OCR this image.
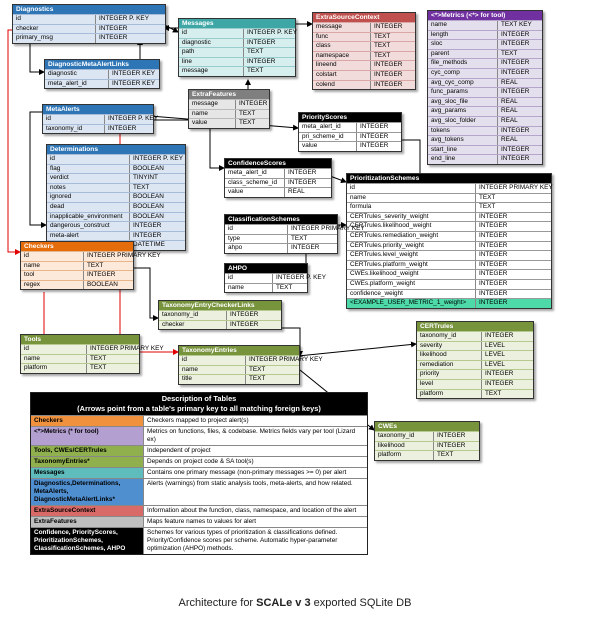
Diagnostics
id	INTEGER P. KEY
checker	INTEGER
primary_msg	INTEGER
Messages
id	INTEGER P. KEY
diagnostic	INTEGER
path	TEXT
line	INTEGER
message	TEXT
ExtraSourceContext
message	INTEGER
func	TEXT
class	TEXT
namespace	TEXT
lineend	INTEGER
colstart	INTEGER
colend	INTEGER
<*>Metrics (<*> for tool)
name	TEXT KEY
length	INTEGER
sloc	INTEGER
parent	TEXT
file_methods	INTEGER
cyc_comp	INTEGER
avg_cyc_comp	REAL
func_params	INTEGER
avg_sloc_file	REAL
avg_params	REAL
avg_sloc_folder	REAL
tokens	INTEGER
avg_tokens	REAL
start_line	INTEGER
end_line	INTEGER
DiagnosticMetaAlertLinks
diagnostic	INTEGER KEY
meta_alert_id	INTEGER KEY
ExtraFeatures
message	INTEGER
name	TEXT
value	TEXT
MetaAlerts
id	INTEGER P. KEY
taxonomy_id	INTEGER
PriorityScores
meta_alert_id	INTEGER
pri_scheme_id	INTEGER
value	INTEGER
Determinations
id	INTEGER P. KEY
flag	BOOLEAN
verdict	TINYINT
notes	TEXT
ignored	BOOLEAN
dead	BOOLEAN
inapplicable_environment	BOOLEAN
dangerous_construct	INTEGER
meta-alert	INTEGER
DATETIME
ConfidenceScores
meta_alert_id	INTEGER
class_scheme_id	INTEGER
value	REAL
PrioritizationSchemes
id	INTEGER PRIMARY KEY
name	TEXT
formula	TEXT
CERTrules_severity_weight	INTEGER
CERTrules.likelihood_weight	INTEGER
CERTrules.remediation_weight	INTEGER
CERTrules.priority_weight	INTEGER
CERTrules.level_weight	INTEGER
CERTrules.platform_weight	INTEGER
CWEs.likelihood_weight	INTEGER
CWEs.platform_weight	INTEGER
confidence_weight	INTEGER
<EXAMPLE_USER_METRIC_1_weight>	INTEGER
ClassificationSchemes
id	INTEGER PRIMARY KEY
type	TEXT
ahpo	INTEGER
AHPO
id	INTEGER P. KEY
name	TEXT
Checkers
id	INTEGER PRIMARY KEY
name	TEXT
tool	INTEGER
regex	BOOLEAN
TaxonomyEntryCheckerLinks
taxonomy_id	INTEGER
checker	INTEGER
Tools
id	INTEGER PRIMARY KEY
name	TEXT
platform	TEXT
TaxonomyEntries
id	INTEGER PRIMARY KEY
name	TEXT
title	TEXT
CERTrules
taxonomy_id	INTEGER
severity	LEVEL
likelihood	LEVEL
remediation	LEVEL
priority	INTEGER
level	INTEGER
platform	TEXT
CWEs
taxonomy_id	INTEGER
likelihood	INTEGER
platform	TEXT
Description of Tables
(Arrows point from a table's primary key to all matching foreign keys)
Checkers	Checkers mapped to project alert(s)
<*>Metrics (* for tool)	Metrics on functions, files, & codebase. Metrics fields vary per tool (Lizard ex)
Tools, CWEs/CERTrules	Independent of project
TaxonomyEntries*	Depends on project code & SA tool(s)
Messages	Contains one primary message (non-primary messages >= 0) per alert
Diagnostics,Determinations, MetaAlerts, DiagnosticMetaAlertLinks*
Alerts (warnings) from static analysis tools, meta-alerts, and how related.
ExtraSourceContext	Information about the function, class, namespace, and location of the alert
ExtraFeatures	Maps feature names to values for alert
Confidence, PriorityScores, PrioritizationSchemes, ClassificationSchemes, AHPO
Schemes for various types of prioritization & classifications defined. Priority/Confidence scores per scheme. Automatic hyper-parameter optimization (AHPO) methods.
Architecture for SCALe v 3 exported SQLite DB
